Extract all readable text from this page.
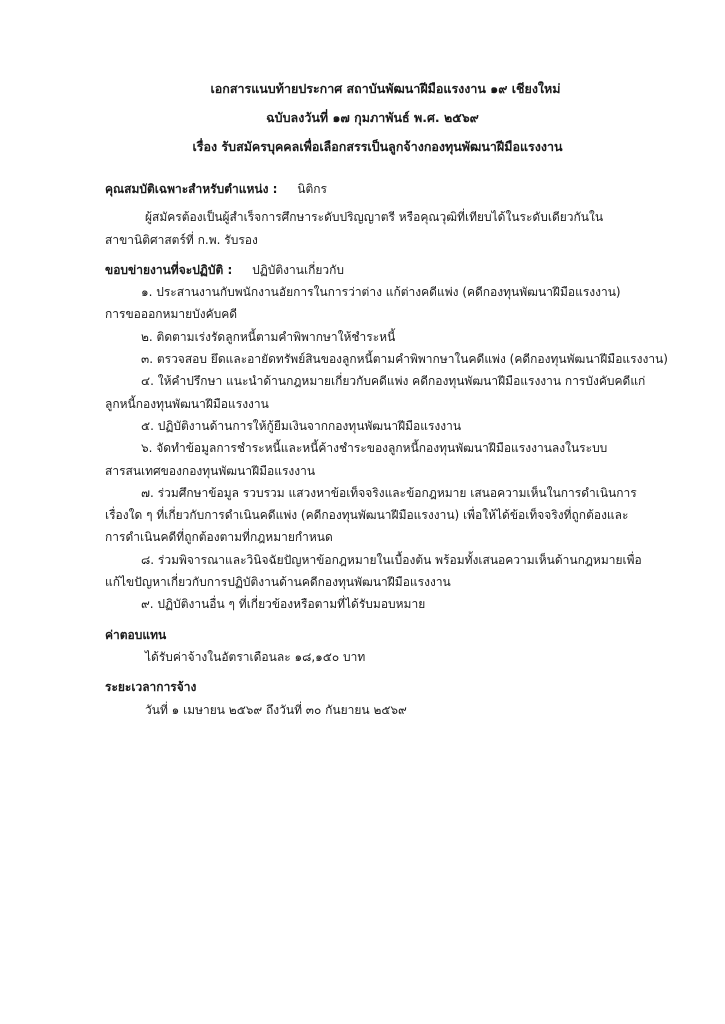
เอกสารแนบท้ายประกาศ สถาบันพัฒนาฝีมือแรงงาน ๑๙ เชียงใหม่
ฉบับลงวันที่ ๑๗ กุมภาพันธ์ พ.ศ. ๒๕๖๙
เรื่อง รับสมัครบุคคลเพื่อเลือกสรรเป็นลูกจ้างกองทุนพัฒนาฝีมือแรงงาน
คุณสมบัติเฉพาะสำหรับตำแหน่ง : นิติกร
ผู้สมัครต้องเป็นผู้สำเร็จการศึกษาระดับปริญญาตรี หรือคุณวุฒิที่เทียบได้ในระดับเดียวกันใน
สาขานิติศาสตร์ที่ ก.พ. รับรอง
ขอบข่ายงานที่จะปฏิบัติ : ปฏิบัติงานเกี่ยวกับ
๑. ประสานงานกับพนักงานอัยการในการว่าต่าง แก้ต่างคดีแพ่ง (คดีกองทุนพัฒนาฝีมือแรงงาน)
การขอออกหมายบังคับคดี
๒. ติดตามเร่งรัดลูกหนี้ตามคำพิพากษาให้ชำระหนี้
๓. ตรวจสอบ ยึดและอายัดทรัพย์สินของลูกหนี้ตามคำพิพากษาในคดีแพ่ง (คดีกองทุนพัฒนาฝีมือแรงงาน)
๔. ให้คำปรึกษา แนะนำด้านกฎหมายเกี่ยวกับคดีแพ่ง คดีกองทุนพัฒนาฝีมือแรงงาน การบังคับคดีแก่
ลูกหนี้กองทุนพัฒนาฝีมือแรงงาน
๕. ปฏิบัติงานด้านการให้กู้ยืมเงินจากกองทุนพัฒนาฝีมือแรงงาน
๖. จัดทำข้อมูลการชำระหนี้และหนี้ค้างชำระของลูกหนี้กองทุนพัฒนาฝีมือแรงงานลงในระบบ
สารสนเทศของกองทุนพัฒนาฝีมือแรงงาน
๗. ร่วมศึกษาข้อมูล รวบรวม แสวงหาข้อเท็จจริงและข้อกฎหมาย เสนอความเห็นในการดำเนินการ
เรื่องใด ๆ ที่เกี่ยวกับการดำเนินคดีแพ่ง (คดีกองทุนพัฒนาฝีมือแรงงาน) เพื่อให้ได้ข้อเท็จจริงที่ถูกต้องและ
การดำเนินคดีที่ถูกต้องตามที่กฎหมายกำหนด
๘. ร่วมพิจารณาและวินิจฉัยปัญหาข้อกฎหมายในเบื้องต้น พร้อมทั้งเสนอความเห็นด้านกฎหมายเพื่อ
แก้ไขปัญหาเกี่ยวกับการปฏิบัติงานด้านคดีกองทุนพัฒนาฝีมือแรงงาน
๙. ปฏิบัติงานอื่น ๆ ที่เกี่ยวข้องหรือตามที่ได้รับมอบหมาย
ค่าตอบแทน
ได้รับค่าจ้างในอัตราเดือนละ ๑๘,๑๕๐ บาท
ระยะเวลาการจ้าง
วันที่ ๑ เมษายน ๒๕๖๙ ถึงวันที่ ๓๐ กันยายน ๒๕๖๙
